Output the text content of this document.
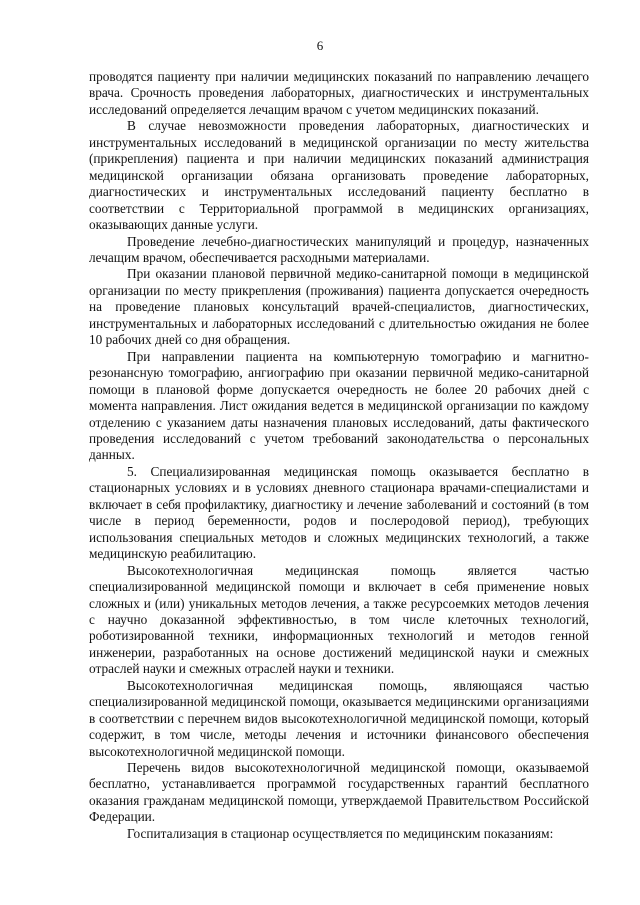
6

проводятся пациенту при наличии медицинских показаний по направлению лечащего врача. Срочность проведения лабораторных, диагностических и инструментальных исследований определяется лечащим врачом с учетом медицинских показаний.

В случае невозможности проведения лабораторных, диагностических и инструментальных исследований в медицинской организации по месту жительства (прикрепления) пациента и при наличии медицинских показаний администрация медицинской организации обязана организовать проведение лабораторных, диагностических и инструментальных исследований пациенту бесплатно в соответствии с Территориальной программой в медицинских организациях, оказывающих данные услуги.

Проведение лечебно-диагностических манипуляций и процедур, назначенных лечащим врачом, обеспечивается расходными материалами.

При оказании плановой первичной медико-санитарной помощи в медицинской организации по месту прикрепления (проживания) пациента допускается очередность на проведение плановых консультаций врачей-специалистов, диагностических, инструментальных и лабораторных исследований с длительностью ожидания не более 10 рабочих дней со дня обращения.

При направлении пациента на компьютерную томографию и магнитно-резонансную томографию, ангиографию при оказании первичной медико-санитарной помощи в плановой форме допускается очередность не более 20 рабочих дней с момента направления. Лист ожидания ведется в медицинской организации по каждому отделению с указанием даты назначения плановых исследований, даты фактического проведения исследований с учетом требований законодательства о персональных данных.

5. Специализированная медицинская помощь оказывается бесплатно в стационарных условиях и в условиях дневного стационара врачами-специалистами и включает в себя профилактику, диагностику и лечение заболеваний и состояний (в том числе в период беременности, родов и послеродовой период), требующих использования специальных методов и сложных медицинских технологий, а также медицинскую реабилитацию.

Высокотехнологичная медицинская помощь является частью специализированной медицинской помощи и включает в себя применение новых сложных и (или) уникальных методов лечения, а также ресурсоемких методов лечения с научно доказанной эффективностью, в том числе клеточных технологий, роботизированной техники, информационных технологий и методов генной инженерии, разработанных на основе достижений медицинской науки и смежных отраслей науки и смежных отраслей науки и техники.

Высокотехнологичная медицинская помощь, являющаяся частью специализированной медицинской помощи, оказывается медицинскими организациями в соответствии с перечнем видов высокотехнологичной медицинской помощи, который содержит, в том числе, методы лечения и источники финансового обеспечения высокотехнологичной медицинской помощи.

Перечень видов высокотехнологичной медицинской помощи, оказываемой бесплатно, устанавливается программой государственных гарантий бесплатного оказания гражданам медицинской помощи, утверждаемой Правительством Российской Федерации.

Госпитализация в стационар осуществляется по медицинским показаниям:
